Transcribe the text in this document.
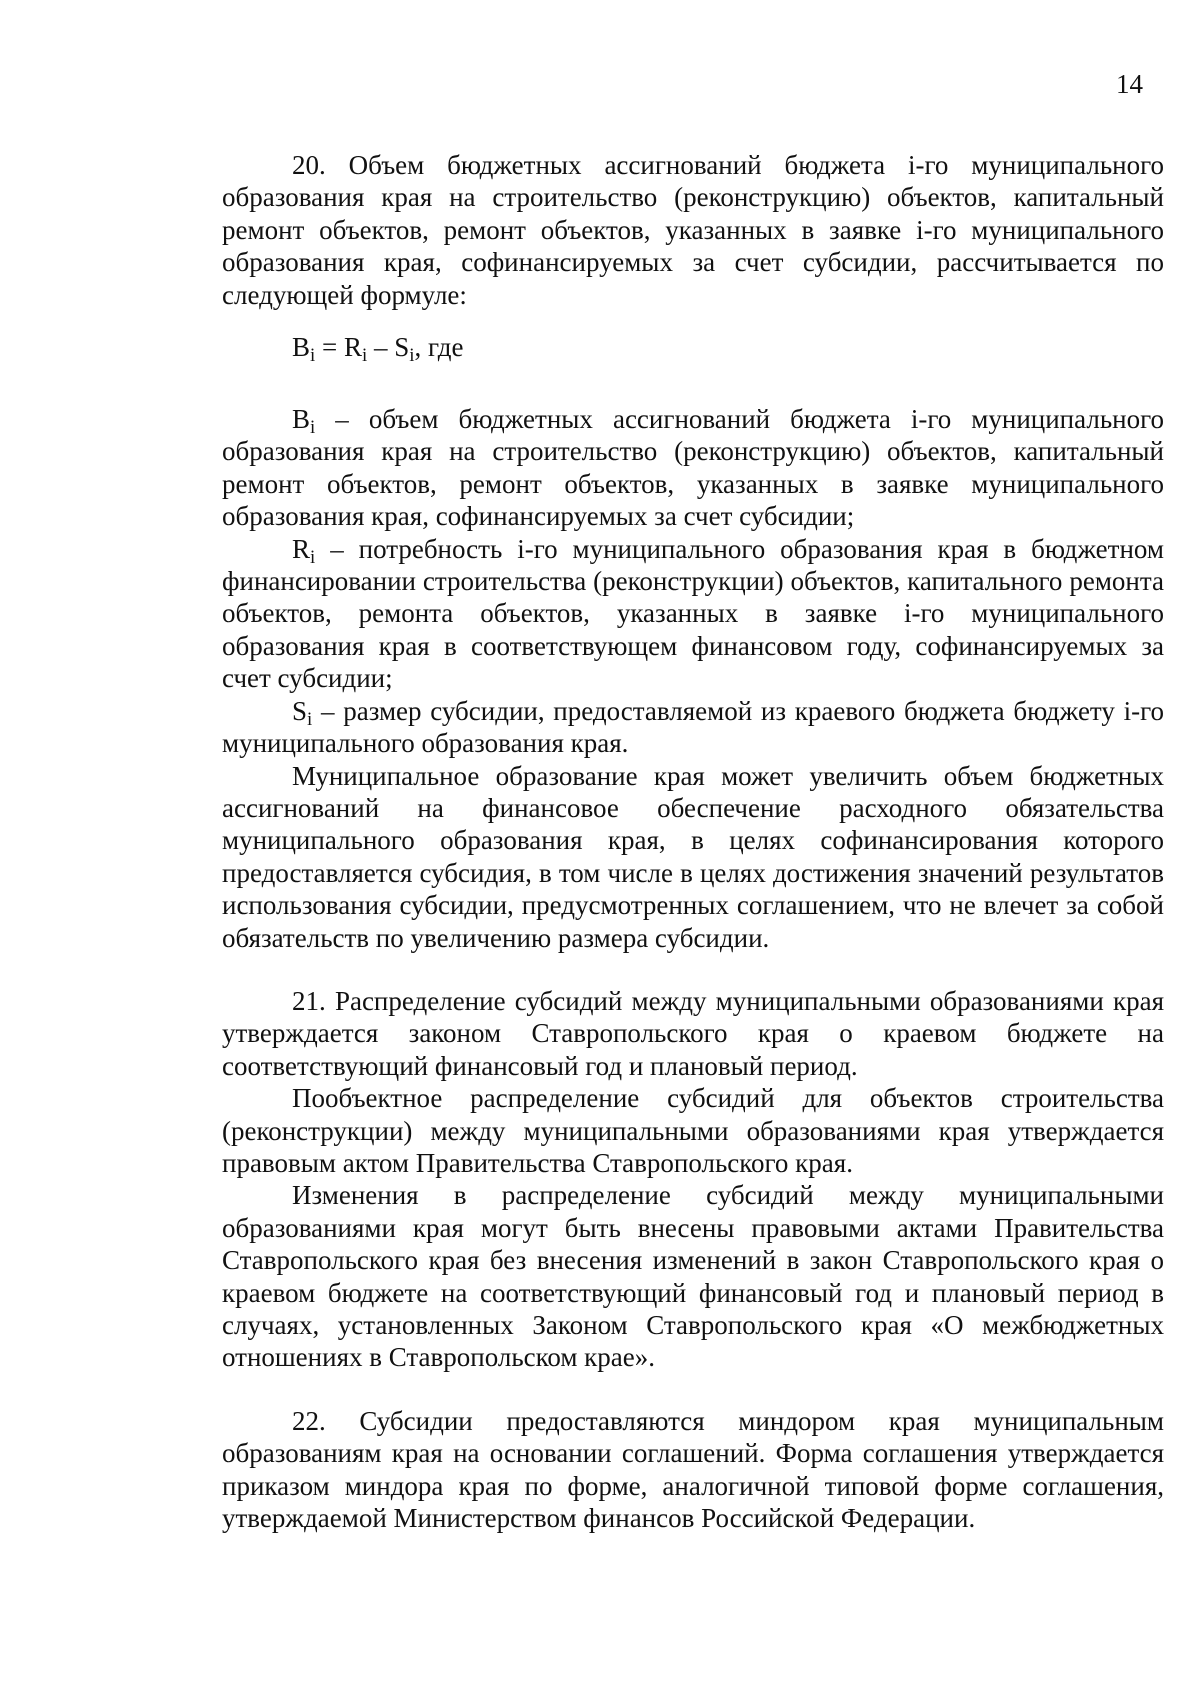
14

20. Объем бюджетных ассигнований бюджета i-го муниципального образования края на строительство (реконструкцию) объектов, капитальный ремонт объектов, ремонт объектов, указанных в заявке i-го муниципального образования края, софинансируемых за счет субсидии, рассчитывается по следующей формуле:

$B_i = R_i - S_i$, где

$B_i$ – объем бюджетных ассигнований бюджета i-го муниципального образования края на строительство (реконструкцию) объектов, капитальный ремонт объектов, ремонт объектов, указанных в заявке муниципального образования края, софинансируемых за счет субсидии;

$R_i$ – потребность i-го муниципального образования края в бюджетном финансировании строительства (реконструкции) объектов, капитального ремонта объектов, ремонта объектов, указанных в заявке i-го муниципального образования края в соответствующем финансовом году, софинансируемых за счет субсидии;

$S_i$ – размер субсидии, предоставляемой из краевого бюджета бюджету i-го муниципального образования края.

Муниципальное образование края может увеличить объем бюджетных ассигнований на финансовое обеспечение расходного обязательства муниципального образования края, в целях софинансирования которого предоставляется субсидия, в том числе в целях достижения значений результатов использования субсидии, предусмотренных соглашением, что не влечет за собой обязательств по увеличению размера субсидии.

21. Распределение субсидий между муниципальными образованиями края утверждается законом Ставропольского края о краевом бюджете на соответствующий финансовый год и плановый период.

Пообъектное распределение субсидий для объектов строительства (реконструкции) между муниципальными образованиями края утверждается правовым актом Правительства Ставропольского края.

Изменения в распределение субсидий между муниципальными образованиями края могут быть внесены правовыми актами Правительства Ставропольского края без внесения изменений в закон Ставропольского края о краевом бюджете на соответствующий финансовый год и плановый период в случаях, установленных Законом Ставропольского края «О межбюджетных отношениях в Ставропольском крае».

22. Субсидии предоставляются миндором края муниципальным образованиям края на основании соглашений. Форма соглашения утверждается приказом миндора края по форме, аналогичной типовой форме соглашения, утверждаемой Министерством финансов Российской Федерации.
